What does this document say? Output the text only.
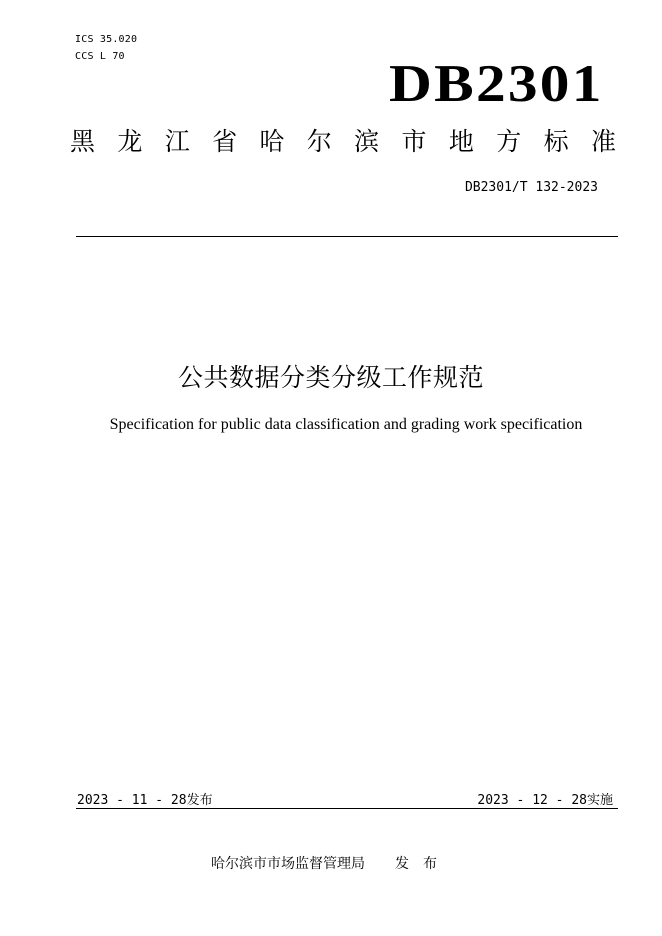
ICS 35.020
CCS L 70	DB2301
黑 龙 江 省 哈 尔 滨 市 地 方 标 准
DB2301/T 132-2023
公共数据分类分级工作规范
Specification for public data classification and grading work specification
2023 - 11 - 28发布	2023 - 12 - 28实施
哈尔滨市市场监督管理局 发布
